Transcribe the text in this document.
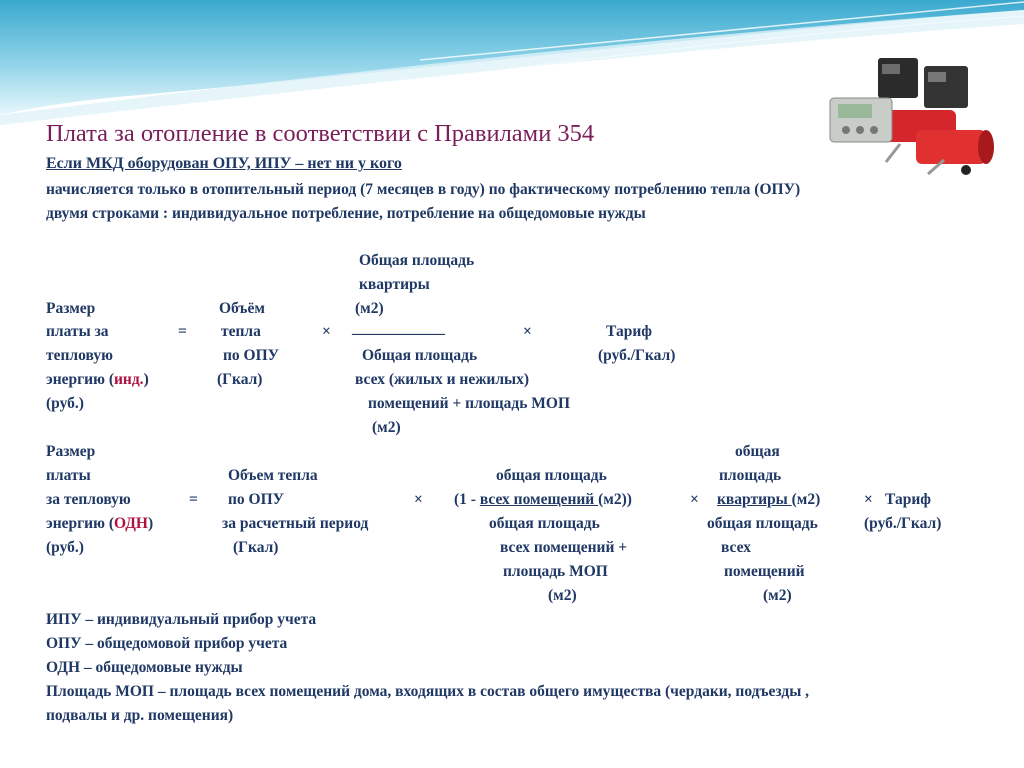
Плата за отопление в соответствии с Правилами 354
Если МКД оборудован ОПУ, ИПУ – нет ни у кого
начисляется только в отопительный период (7 месяцев в году) по фактическому потреблению тепла (ОПУ)
двумя строками : индивидуальное потребление, потребление на общедомовые нужды
Общая площадь
квартиры
Размер	Объём	(м2)
платы за	= тепла	× ____________	×	Тариф
тепловую	по ОПУ	Общая площадь	(руб./Гкал)
энергию (инд.)	(Гкал)	всех (жилых и нежилых)
(руб.)	помещений + площадь МОП
(м2)
Размер	общая
платы	Объем тепла	общая площадь	площадь
за тепловую	= по ОПУ	× (1 - всех помещений (м2))	× квартиры (м2)	× Тариф
энергию (ОДН)	за расчетный период	общая площадь	общая площадь	(руб./Гкал)
(руб.)	(Гкал)	всех помещений +	всех
площадь МОП	помещений
(м2)	(м2)
ИПУ – индивидуальный прибор учета
ОПУ – общедомовой прибор учета
ОДН – общедомовые нужды
Площадь МОП – площадь всех помещений дома, входящих в состав общего имущества (чердаки, подъезды ,
подвалы и др. помещения)
